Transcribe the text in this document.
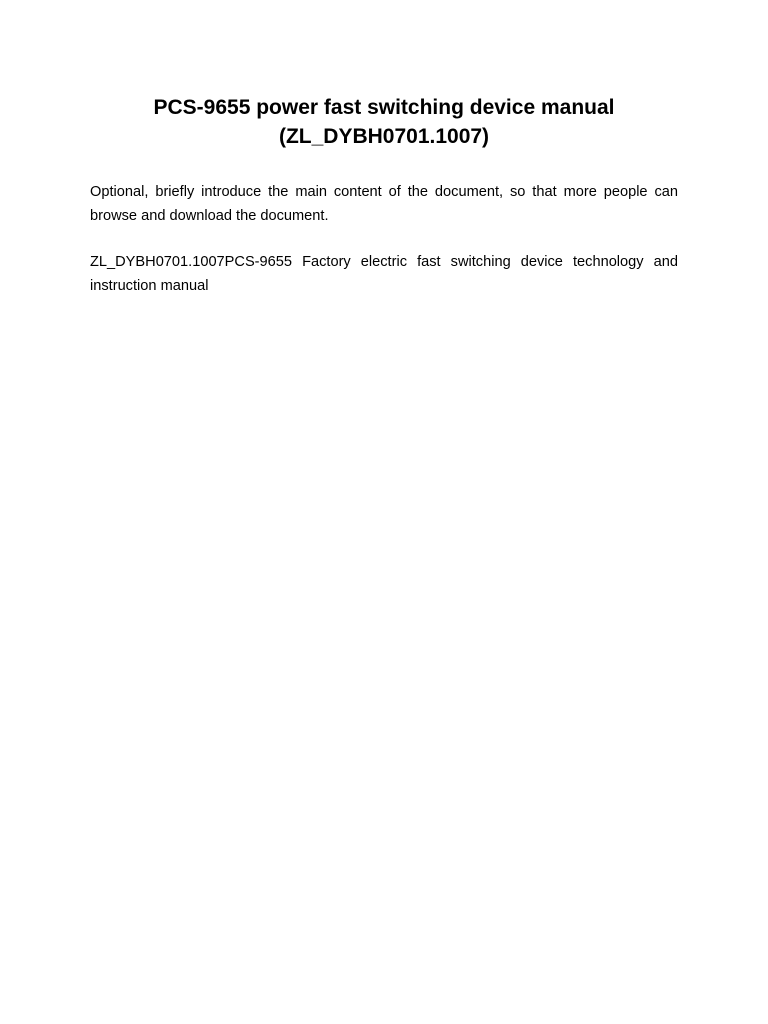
PCS-9655 power fast switching device manual
(ZL_DYBH0701.1007)

Optional, briefly introduce the main content of the document, so that more people can browse and download the document.

ZL_DYBH0701.1007PCS-9655 Factory electric fast switching device technology and instruction manual
